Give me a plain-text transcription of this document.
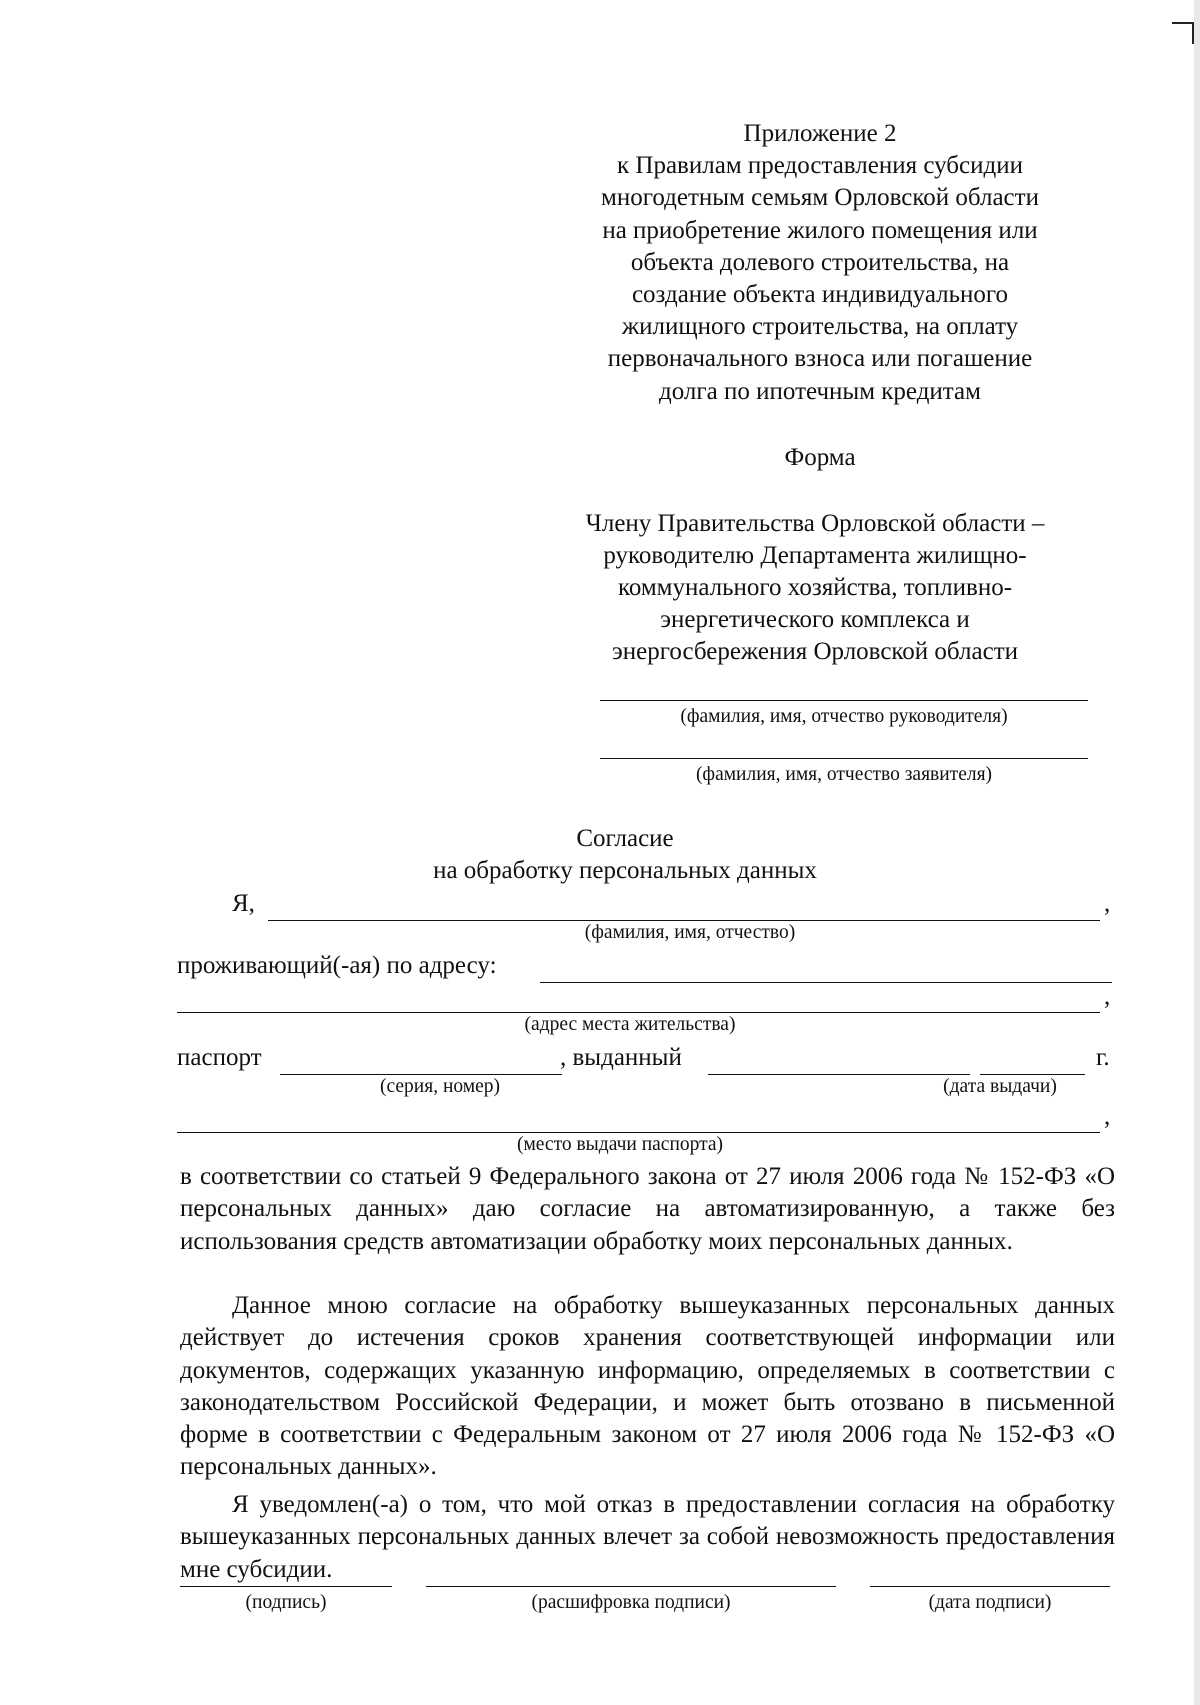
Приложение 2
к Правилам предоставления субсидии
многодетным семьям Орловской области
на приобретение жилого помещения или
объекта долевого строительства, на
создание объекта индивидуального
жилищного строительства, на оплату
первоначального взноса или погашение
долга по ипотечным кредитам
Форма
Члену Правительства Орловской области –
руководителю Департамента жилищно-
коммунального хозяйства, топливно-
энергетического комплекса и
энергосбережения Орловской области
(фамилия, имя, отчество руководителя)
(фамилия, имя, отчество заявителя)
Согласие
на обработку персональных данных
Я,	,
(фамилия, имя, отчество)
проживающий(-ая) по адресу:
,
(адрес места жительства)
паспорт	, выданный	г.
(серия, номер)	(дата выдачи)
,
(место выдачи паспорта)
в соответствии со статьей 9 Федерального закона от 27 июля 2006 года № 152-ФЗ «О персональных данных» даю согласие на автоматизированную, а также без использования средств автоматизации обработку моих персональных данных.
Данное мною согласие на обработку вышеуказанных персональных данных действует до истечения сроков хранения соответствующей информации или документов, содержащих указанную информацию, определяемых в соответствии с законодательством Российской Федерации, и может быть отозвано в письменной форме в соответствии с Федеральным законом от 27 июля 2006 года № 152-ФЗ «О персональных данных».
Я уведомлен(-а) о том, что мой отказ в предоставлении согласия на обработку вышеуказанных персональных данных влечет за собой невозможность предоставления мне субсидии.
(подпись)	(расшифровка подписи)	(дата подписи)
